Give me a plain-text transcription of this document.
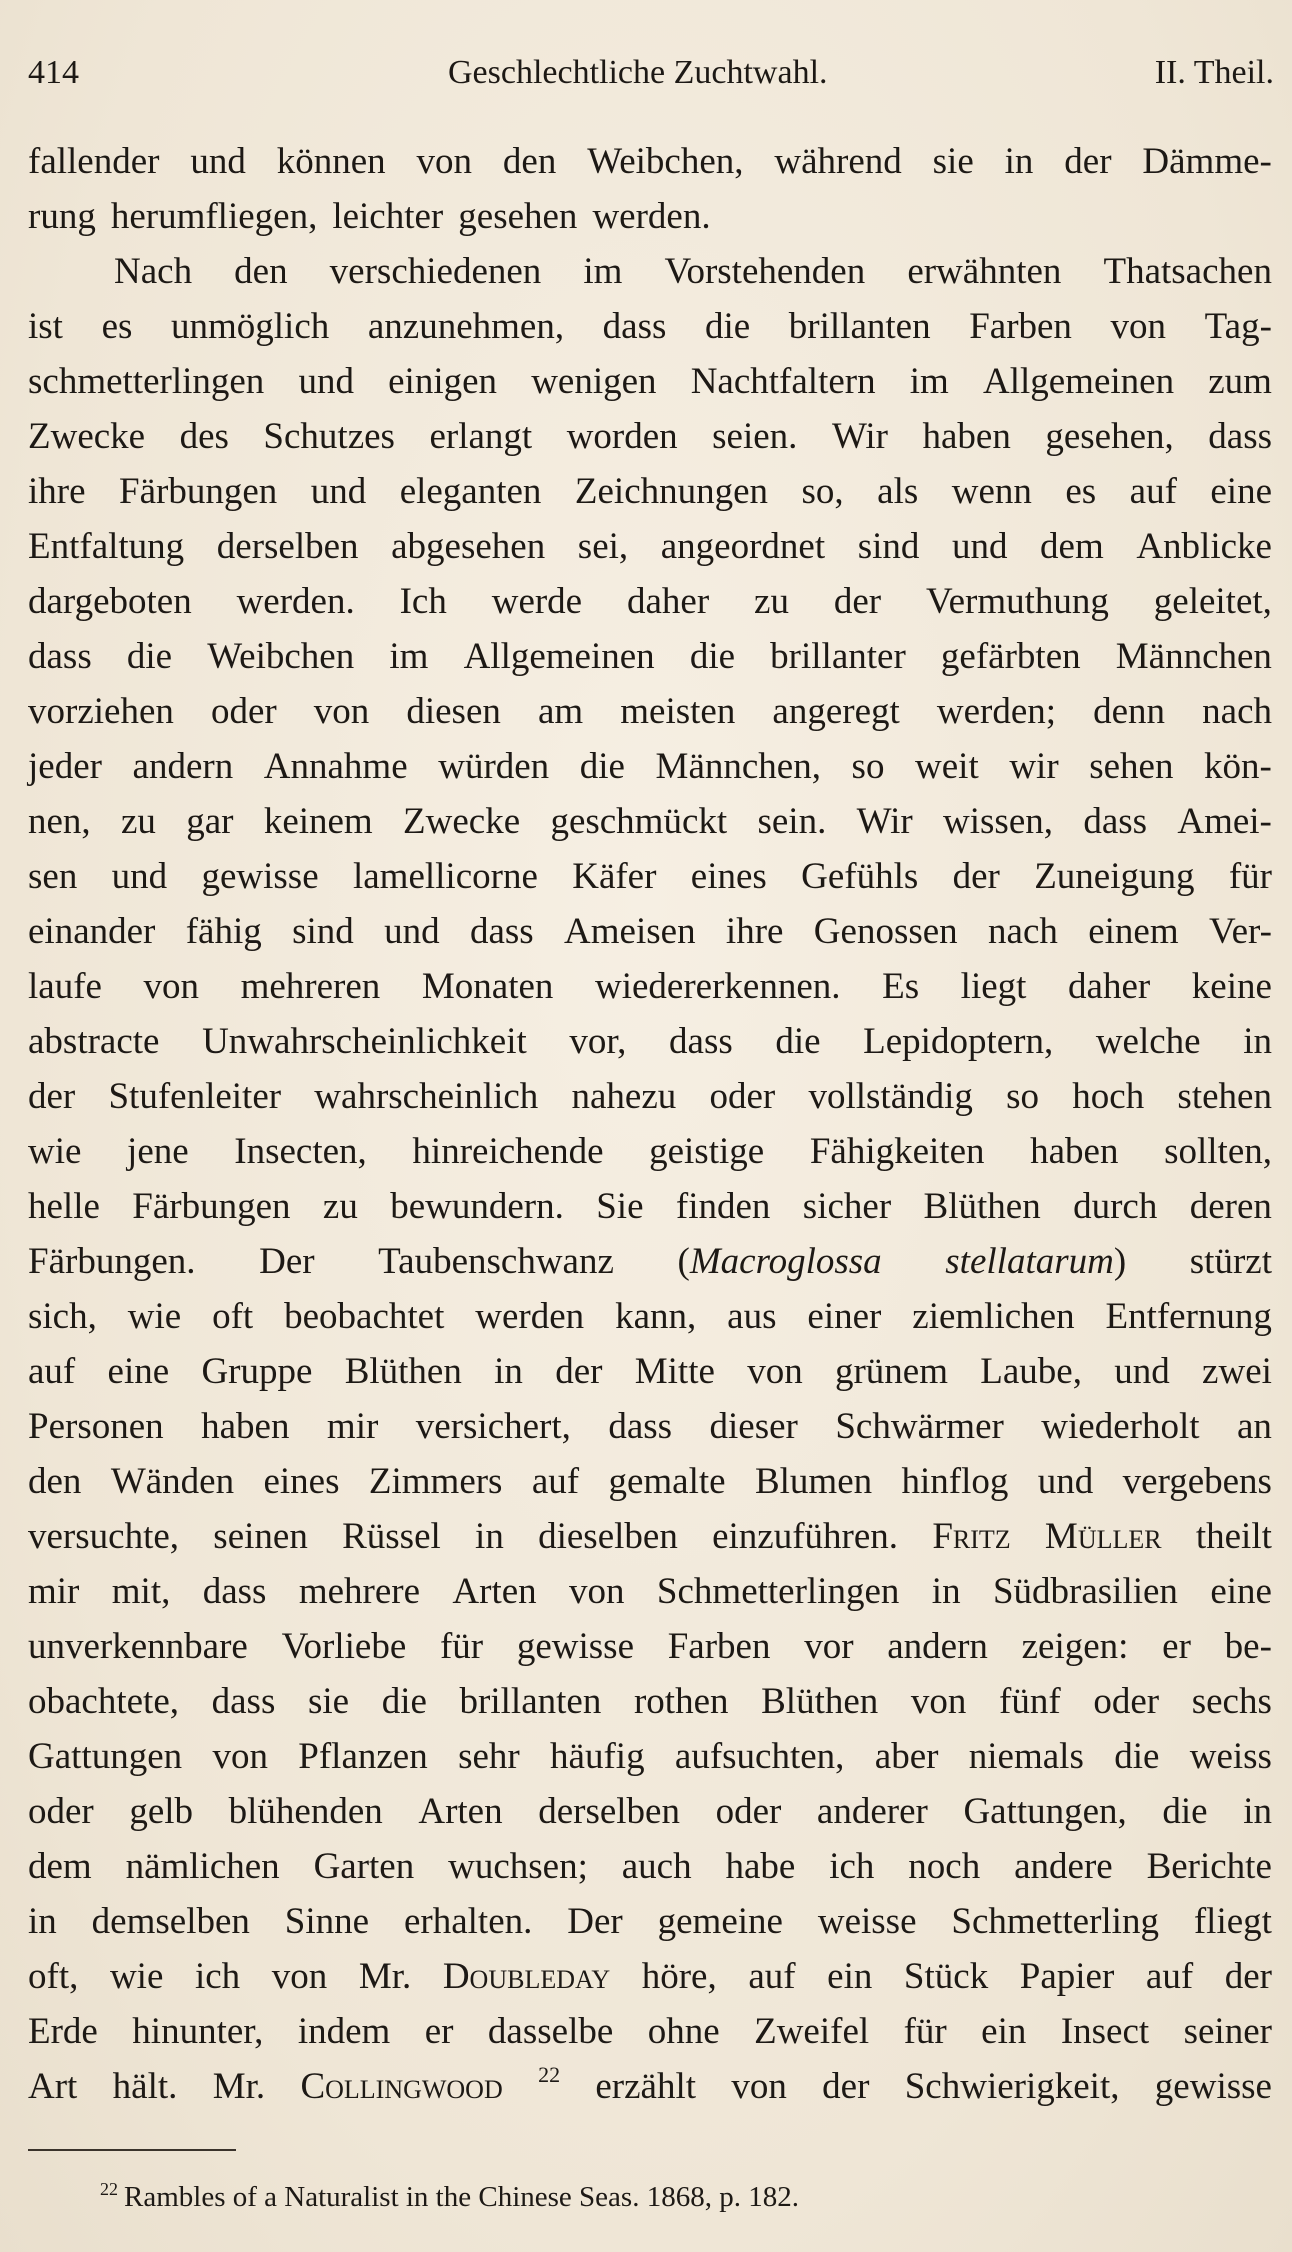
414	Geschlechtliche Zuchtwahl.	II. Theil.
fallender und können von den Weibchen, während sie in der Dämme-
rung herumfliegen, leichter gesehen werden.
Nach den verschiedenen im Vorstehenden erwähnten Thatsachen
ist es unmöglich anzunehmen, dass die brillanten Farben von Tag-
schmetterlingen und einigen wenigen Nachtfaltern im Allgemeinen zum
Zwecke des Schutzes erlangt worden seien. Wir haben gesehen, dass
ihre Färbungen und eleganten Zeichnungen so, als wenn es auf eine
Entfaltung derselben abgesehen sei, angeordnet sind und dem Anblicke
dargeboten werden. Ich werde daher zu der Vermuthung geleitet,
dass die Weibchen im Allgemeinen die brillanter gefärbten Männchen
vorziehen oder von diesen am meisten angeregt werden; denn nach
jeder andern Annahme würden die Männchen, so weit wir sehen kön-
nen, zu gar keinem Zwecke geschmückt sein. Wir wissen, dass Amei-
sen und gewisse lamellicorne Käfer eines Gefühls der Zuneigung für
einander fähig sind und dass Ameisen ihre Genossen nach einem Ver-
laufe von mehreren Monaten wiedererkennen. Es liegt daher keine
abstracte Unwahrscheinlichkeit vor, dass die Lepidoptern, welche in
der Stufenleiter wahrscheinlich nahezu oder vollständig so hoch stehen
wie jene Insecten, hinreichende geistige Fähigkeiten haben sollten,
helle Färbungen zu bewundern. Sie finden sicher Blüthen durch deren
Färbungen. Der Taubenschwanz (Macroglossa stellatarum) stürzt
sich, wie oft beobachtet werden kann, aus einer ziemlichen Entfernung
auf eine Gruppe Blüthen in der Mitte von grünem Laube, und zwei
Personen haben mir versichert, dass dieser Schwärmer wiederholt an
den Wänden eines Zimmers auf gemalte Blumen hinflog und vergebens
versuchte, seinen Rüssel in dieselben einzuführen. Fritz Müller theilt
mir mit, dass mehrere Arten von Schmetterlingen in Südbrasilien eine
unverkennbare Vorliebe für gewisse Farben vor andern zeigen: er be-
obachtete, dass sie die brillanten rothen Blüthen von fünf oder sechs
Gattungen von Pflanzen sehr häufig aufsuchten, aber niemals die weiss
oder gelb blühenden Arten derselben oder anderer Gattungen, die in
dem nämlichen Garten wuchsen; auch habe ich noch andere Berichte
in demselben Sinne erhalten. Der gemeine weisse Schmetterling fliegt
oft, wie ich von Mr. Doubleday höre, auf ein Stück Papier auf der
Erde hinunter, indem er dasselbe ohne Zweifel für ein Insect seiner
Art hält. Mr. Collingwood $^{22}$ erzählt von der Schwierigkeit, gewisse
$^{22}$ Rambles of a Naturalist in the Chinese Seas. 1868, p. 182.
